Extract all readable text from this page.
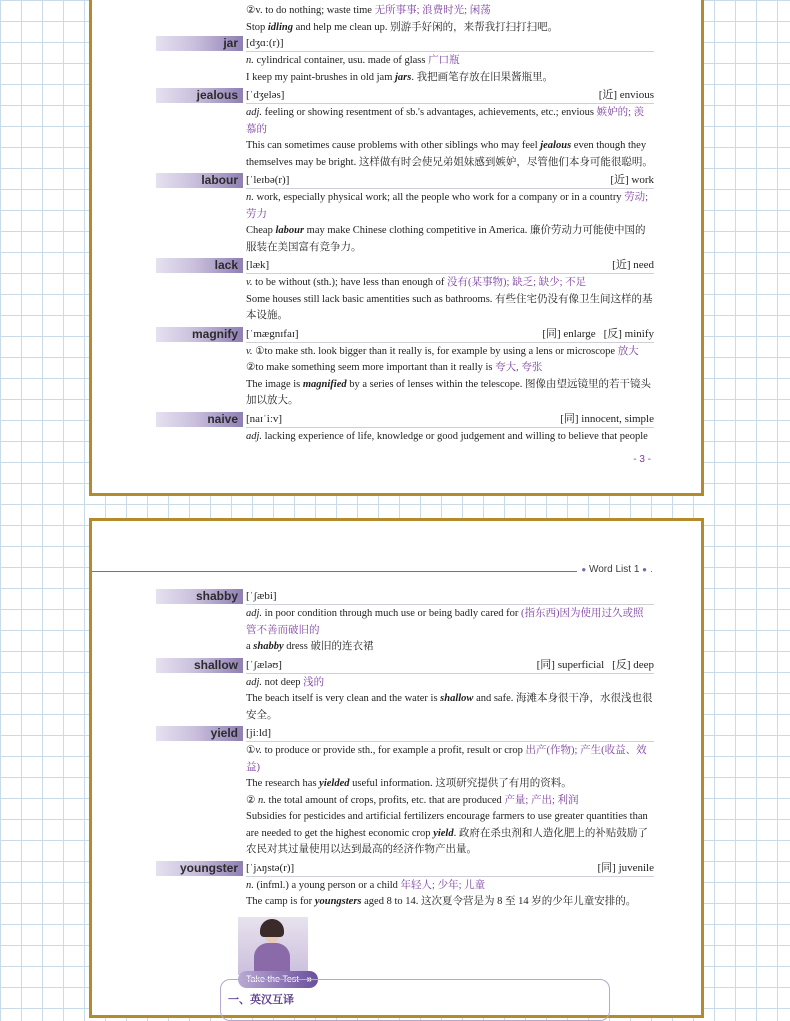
②v. to do nothing; waste time 无所事事; 浪费时光; 闲荡
Stop idling and help me clean up. 别游手好闲的，来帮我打扫打扫吧。
jar [dʒɑː(r)]
n. cylindrical container, usu. made of glass 广口瓶
I keep my paint-brushes in old jam jars. 我把画笔存放在旧果酱瓶里。
jealous [ˈdʒeləs]	[近] envious
adj. feeling or showing resentment of sb.'s advantages, achievements, etc.; envious 嫉妒的; 羡
慕的
This can sometimes cause problems with other siblings who may feel jealous even though they
themselves may be bright. 这样做有时会使兄弟姐妹感到嫉妒，尽管他们本身可能很聪明。
labour [ˈleɪbə(r)]	[近] work
n. work, especially physical work; all the people who work for a company or in a country 劳动;
劳力
Cheap labour may make Chinese clothing competitive in America. 廉价劳动力可能使中国的
服装在美国富有竞争力。
lack [læk]	[近] need
v. to be without (sth.); have less than enough of 没有(某事物); 缺乏; 缺少; 不足
Some houses still lack basic amentities such as bathrooms. 有些住宅仍没有像卫生间这样的基
本设施。
magnify [ˈmægnɪfaɪ]	[同] enlarge [反] minify
v. ①to make sth. look bigger than it really is, for example by using a lens or microscope 放大
②to make something seem more important than it really is 夸大, 夸张
The image is magnified by a series of lenses within the telescope. 图像由望远镜里的若干镜头
加以放大。
naive [naɪˈiːv]	[同] innocent, simple
adj. lacking experience of life, knowledge or good judgement and willing to believe that people
- 3 -
● Word List 1 ●
shabby [ˈʃæbi]
adj. in poor condition through much use or being badly cared for (指东西)因为使用过久或照
管不善而破旧的
a shabby dress 破旧的连衣裙
shallow [ˈʃæləʊ]	[同] superficial [反] deep
adj. not deep 浅的
The beach itself is very clean and the water is shallow and safe. 海滩本身很干净，水很浅也很
安全。
yield [jiːld]
①v. to produce or provide sth., for example a profit, result or crop 出产(作物); 产生(收益、效益)
The research has yielded useful information. 这项研究提供了有用的资料。
② n. the total amount of crops, profits, etc. that are produced 产量; 产出; 利润
Subsidies for pesticides and artificial fertilizers encourage farmers to use greater quantities than
are needed to get the highest economic crop yield. 政府在杀虫剂和人造化肥上的补贴鼓励了
农民对其过量使用以达到最高的经济作物产出量。
youngster [ˈjʌŋstə(r)]	[同] juvenile
n. (infml.) a young person or a child 年轻人; 少年; 儿童
The camp is for youngsters aged 8 to 14. 这次夏令营是为 8 至 14 岁的少年儿童安排的。
Take the Test »
一、英汉互译
